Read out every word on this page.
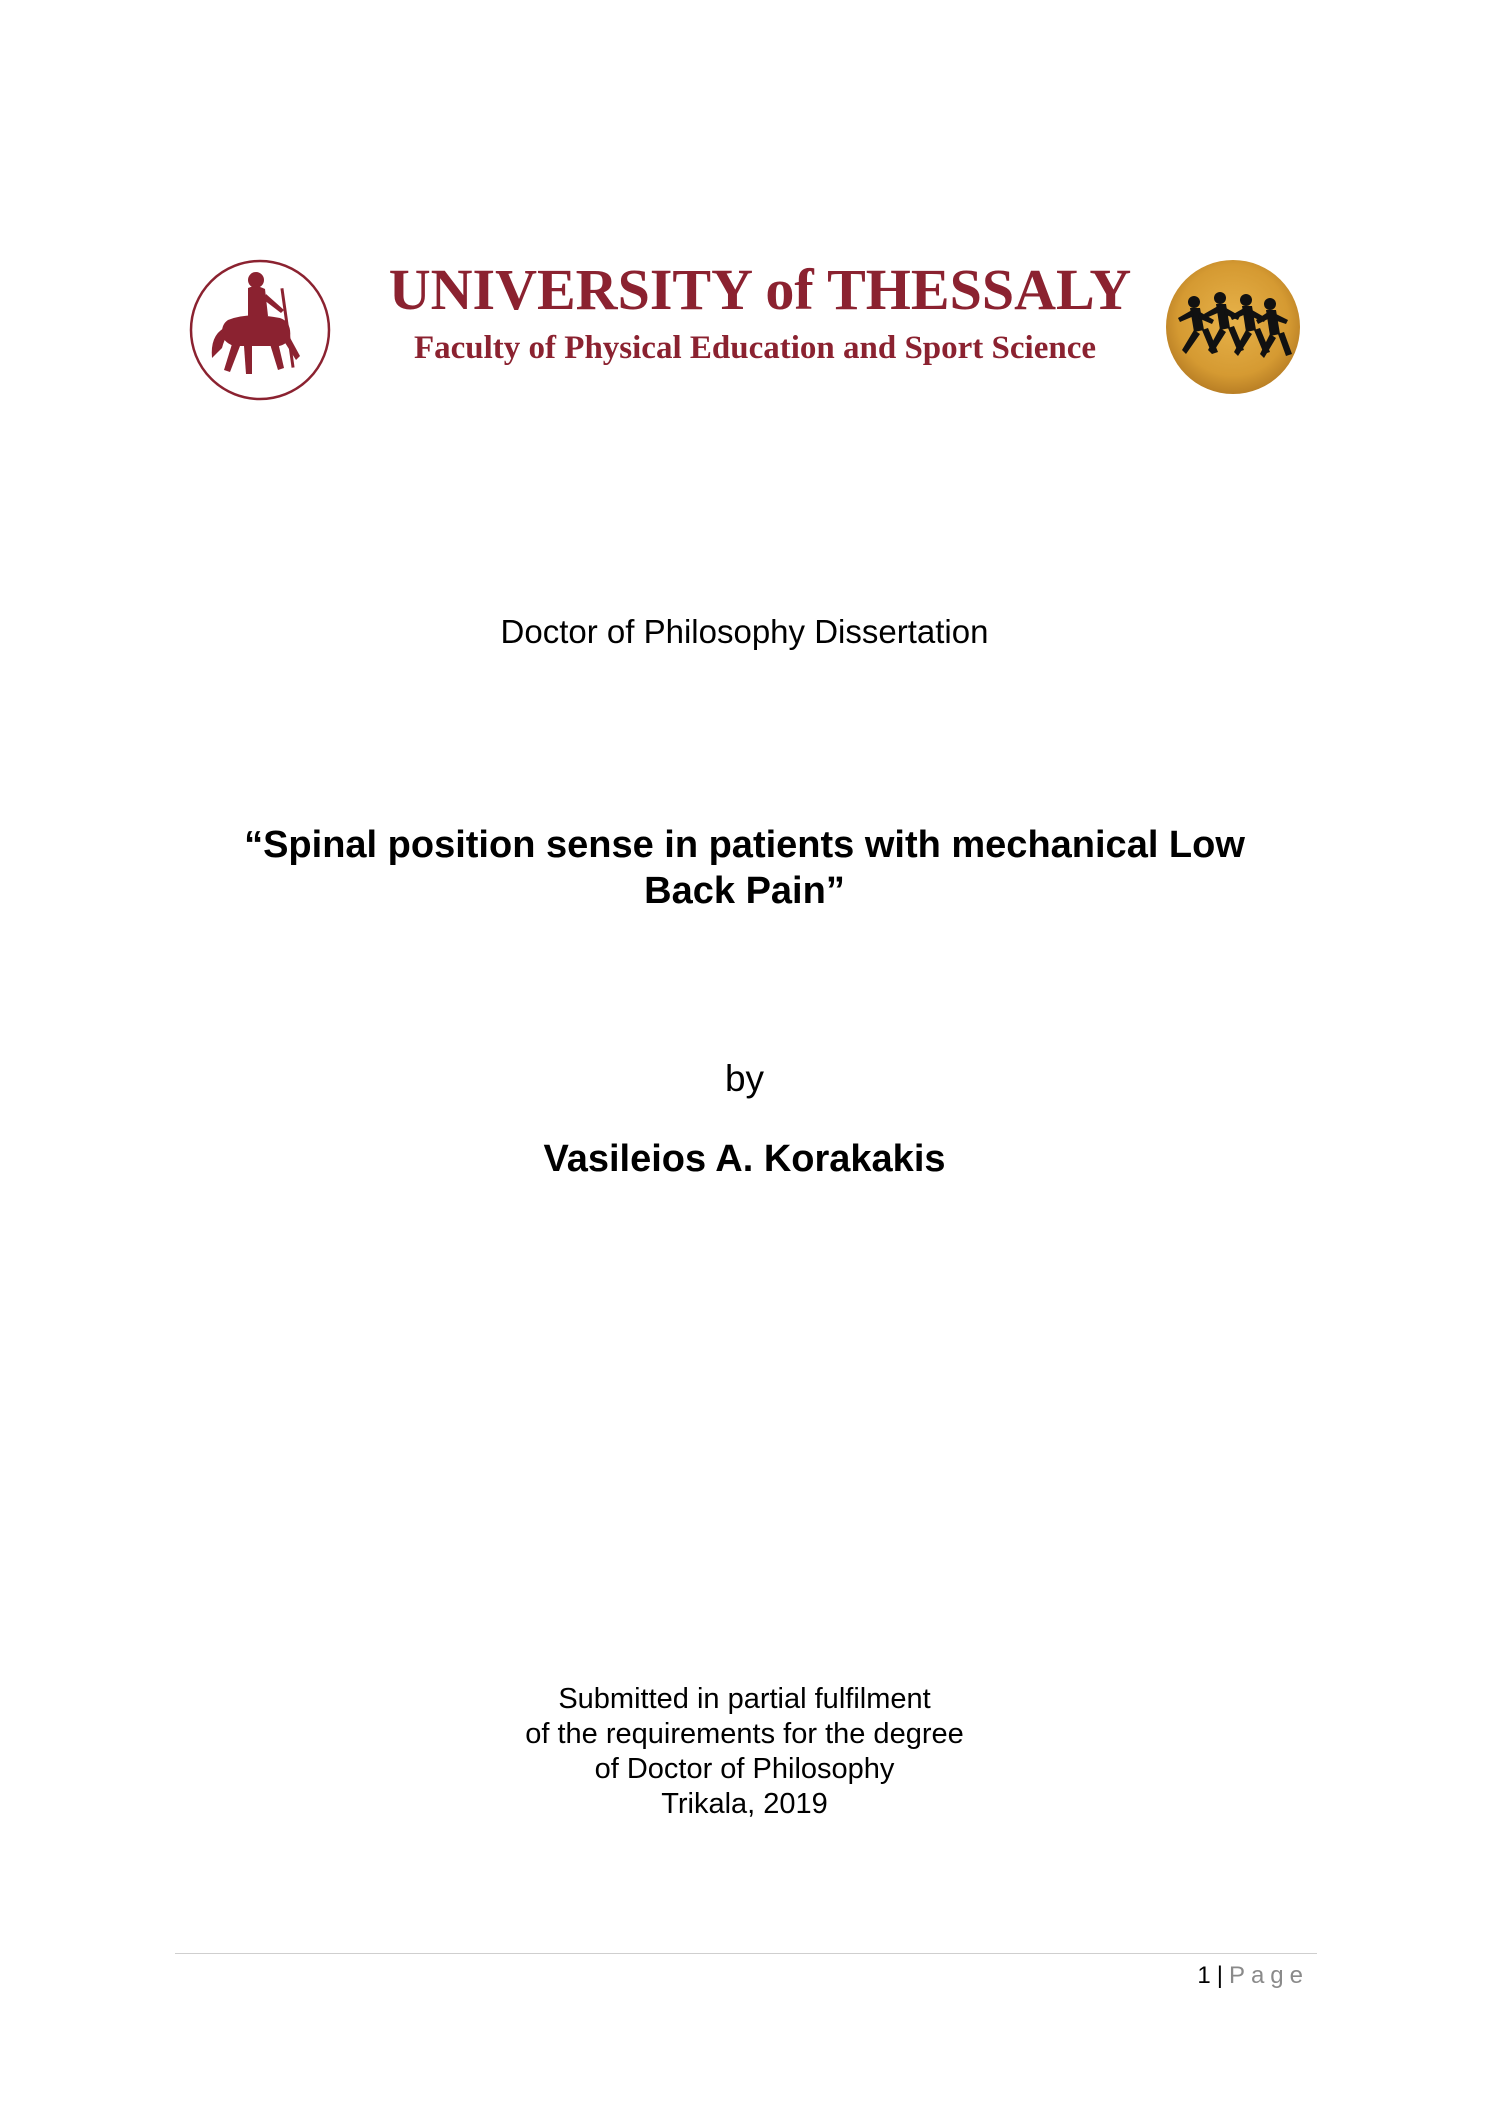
UNIVERSITY of THESSALY
Faculty of Physical Education and Sport Science
Doctor of Philosophy Dissertation
“Spinal position sense in patients with mechanical Low Back Pain”
by
Vasileios A. Korakakis
Submitted in partial fulfilment
of the requirements for the degree
of Doctor of Philosophy
Trikala, 2019
1 | Page
